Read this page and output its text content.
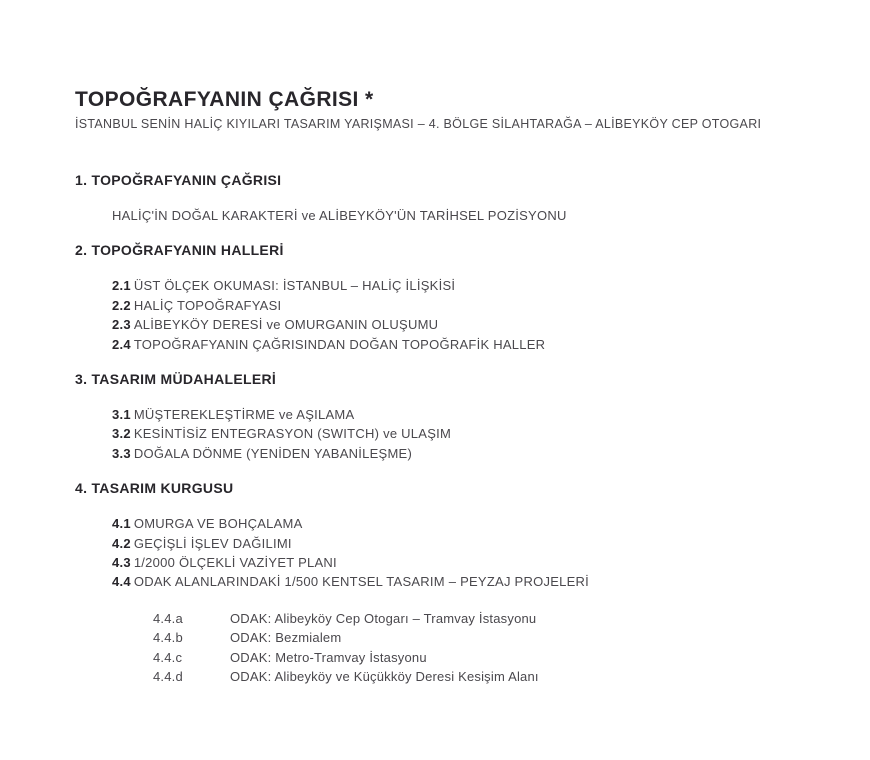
TOPOĞRAFYANIN ÇAĞRISI *
İSTANBUL SENİN HALİÇ KIYILARI TASARIM YARIŞMASI – 4. BÖLGE SİLAHTARAĞA – ALİBEYKÖY CEP OTOGARI
1. TOPOĞRAFYANIN ÇAĞRISI
HALİÇ'İN DOĞAL KARAKTERİ ve ALİBEYKÖY'ÜN TARİHSEL POZİSYONU
2. TOPOĞRAFYANIN HALLERİ
2.1 ÜST ÖLÇEK OKUMASI: İSTANBUL – HALİÇ İLİŞKİSİ
2.2 HALİÇ TOPOĞRAFYASI
2.3 ALİBEYKÖY DERESİ ve OMURGANIN OLUŞUMU
2.4 TOPOĞRAFYANIN ÇAĞRISINDAN DOĞAN TOPOĞRAFİK HALLER
3. TASARIM MÜDAHALELERİ
3.1 MÜŞTEREKLEŞTİRME ve AŞILAMA
3.2 KESİNTİSİZ ENTEGRASYON (SWITCH) ve ULAŞIM
3.3 DOĞALA DÖNME (YENİDEN YABANİLEŞME)
4. TASARIM KURGUSU
4.1 OMURGA VE BOHÇALAMA
4.2 GEÇİŞLİ İŞLEV DAĞILIMI
4.3 1/2000 ÖLÇEKLİ VAZİYET PLANI
4.4 ODAK ALANLARINDAKİ 1/500 KENTSEL TASARIM – PEYZAJ PROJELERİ
4.4.a	ODAK: Alibeyköy Cep Otogarı – Tramvay İstasyonu
4.4.b	ODAK: Bezmialem
4.4.c	ODAK: Metro-Tramvay İstasyonu
4.4.d	ODAK: Alibeyköy ve Küçükköy Deresi Kesişim Alanı
